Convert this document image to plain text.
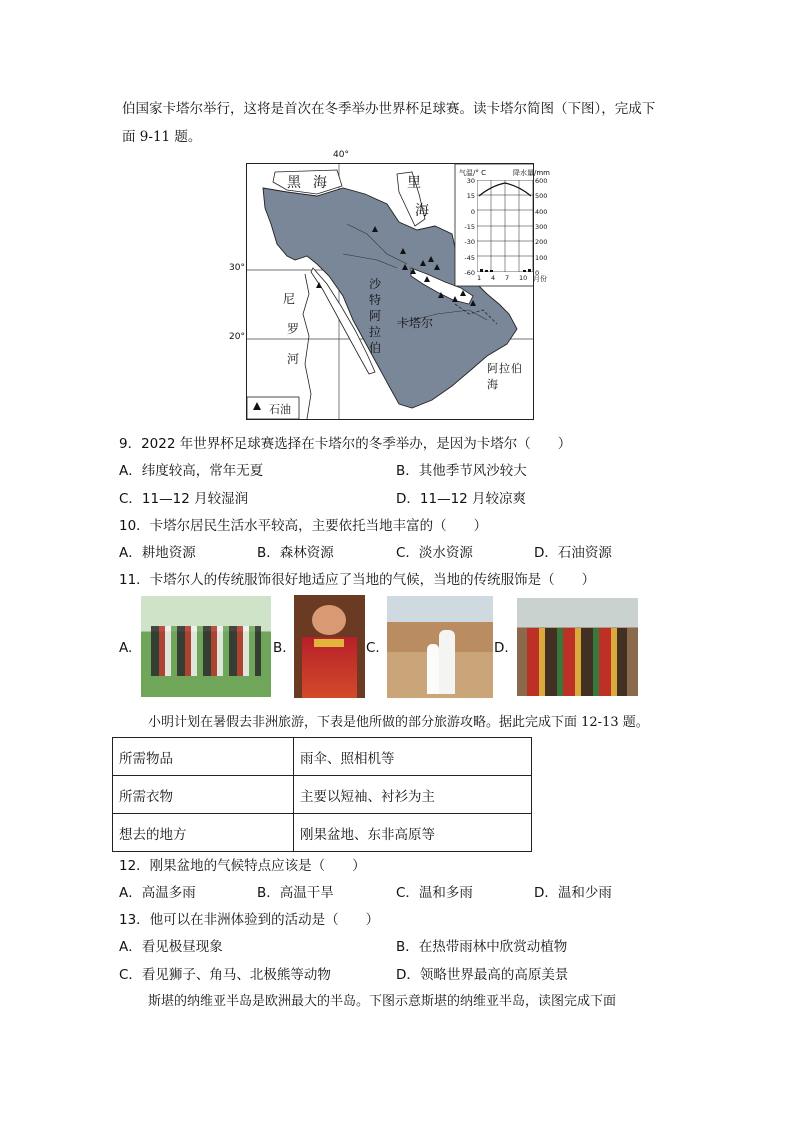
伯国家卡塔尔举行，这将是首次在冬季举办世界杯足球赛。读卡塔尔简图（下图），完成下
面 9-11 题。
黑 海	里
海
40°
30°
20°
尼
罗
河
沙
特
阿
拉
伯
卡塔尔
阿拉伯海
石油
气温/° C	降水量/mm
30
15
0
-15
-30
-45
-60
600
500
400
300
200
100
0
1 4 7 10 月份
9．2022 年世界杯足球赛选择在卡塔尔的冬季举办，是因为卡塔尔（　　）
A．纬度较高，常年无夏	B．其他季节风沙较大
C．11—12 月较湿润	D．11—12 月较凉爽
10．卡塔尔居民生活水平较高，主要依托当地丰富的（　　）
A．耕地资源	B．森林资源	C．淡水资源	D．石油资源
11．卡塔尔人的传统服饰很好地适应了当地的气候，当地的传统服饰是（　　）
A.	B.	C.	D.
小明计划在暑假去非洲旅游，下表是他所做的部分旅游攻略。据此完成下面 12-13 题。
所需物品	雨伞、照相机等
所需衣物	主要以短袖、衬衫为主
想去的地方	刚果盆地、东非高原等
12．刚果盆地的气候特点应该是（　　）
A．高温多雨	B．高温干旱	C．温和多雨	D．温和少雨
13．他可以在非洲体验到的活动是（　　）
A．看见极昼现象	B．在热带雨林中欣赏动植物
C．看见狮子、角马、北极熊等动物	D．领略世界最高的高原美景
斯堪的纳维亚半岛是欧洲最大的半岛。下图示意斯堪的纳维亚半岛，读图完成下面
